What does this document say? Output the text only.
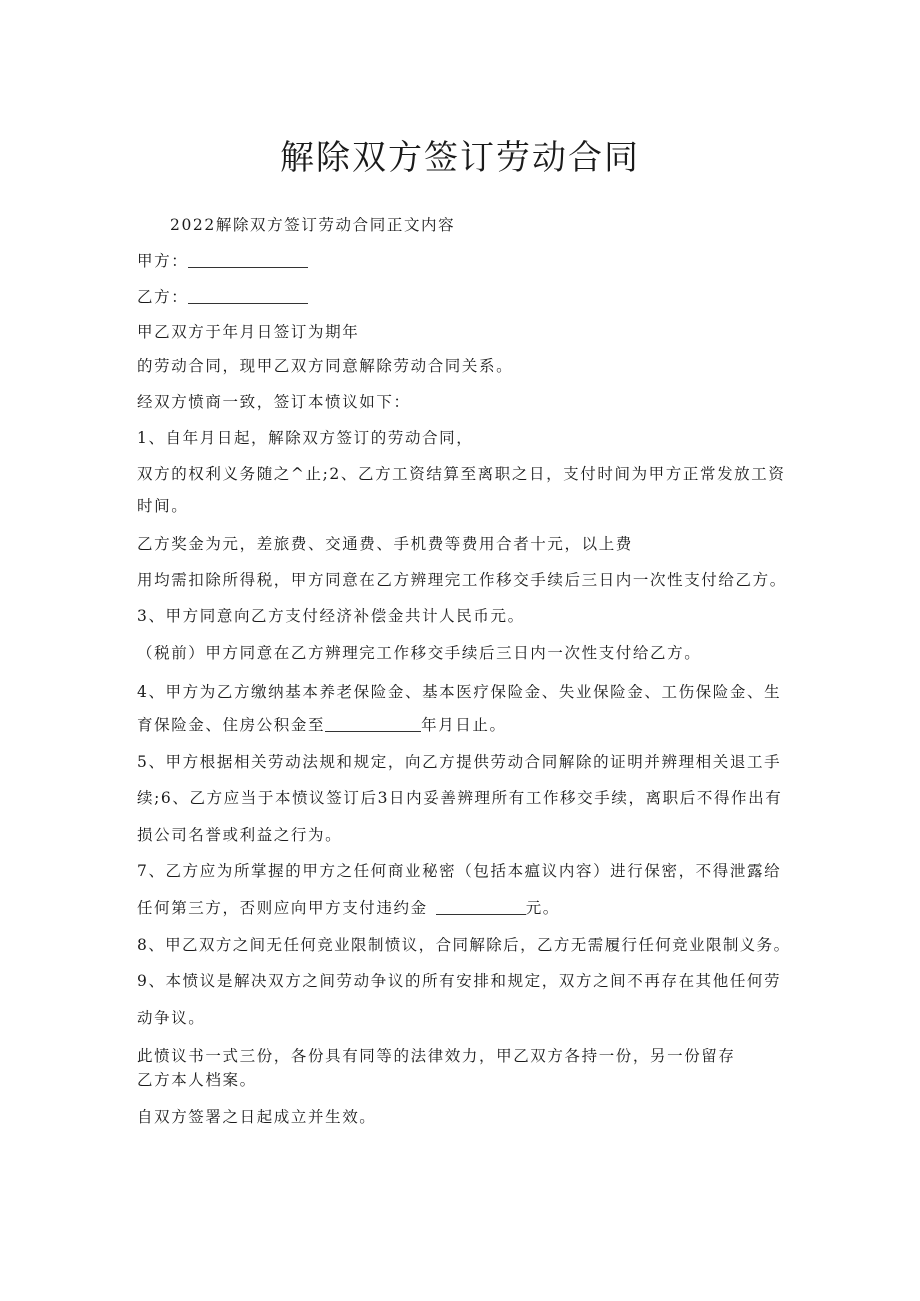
解除双方签订劳动合同
2022解除双方签订劳动合同正文内容
甲方：
乙方：
甲乙双方于年月日签订为期年
的劳动合同，现甲乙双方同意解除劳动合同关系。
经双方愤商一致，签订本愤议如下：
1、自年月日起，解除双方签订的劳动合同，
双方的权利义务随之^止;2、乙方工资结算至离职之日，支付时间为甲方正常发放工资
时间。
乙方奖金为元，差旅费、交通费、手机费等费用合者十元，以上费
用均需扣除所得税，甲方同意在乙方辨理完工作移交手续后三日内一次性支付给乙方。
3、甲方同意向乙方支付经济补偿金共计人民币元。
（税前）甲方同意在乙方辨理完工作移交手续后三日内一次性支付给乙方。
4、甲方为乙方缴纳基本养老保险金、基本医疗保险金、失业保险金、工伤保险金、生
育保险金、住房公积金至	年月日止。
5、甲方根据相关劳动法规和规定，向乙方提供劳动合同解除的证明并辨理相关退工手
续;6、乙方应当于本愤议签订后3日内妥善辨理所有工作移交手续，离职后不得作出有
损公司名誉或利益之行为。
7、乙方应为所掌握的甲方之任何商业秘密（包括本瘟议内容）进行保密，不得泄露给
任何第三方，否则应向甲方支付违约金	元。
8、甲乙双方之间无任何竞业限制愤议，合同解除后，乙方无需履行任何竞业限制义务。
9、本愤议是解决双方之间劳动争议的所有安排和规定，双方之间不再存在其他任何劳
动争议。
此愤议书一式三份，各份具有同等的法律效力，甲乙双方各持一份，另一份留存
乙方本人档案。
自双方签署之日起成立并生效。
